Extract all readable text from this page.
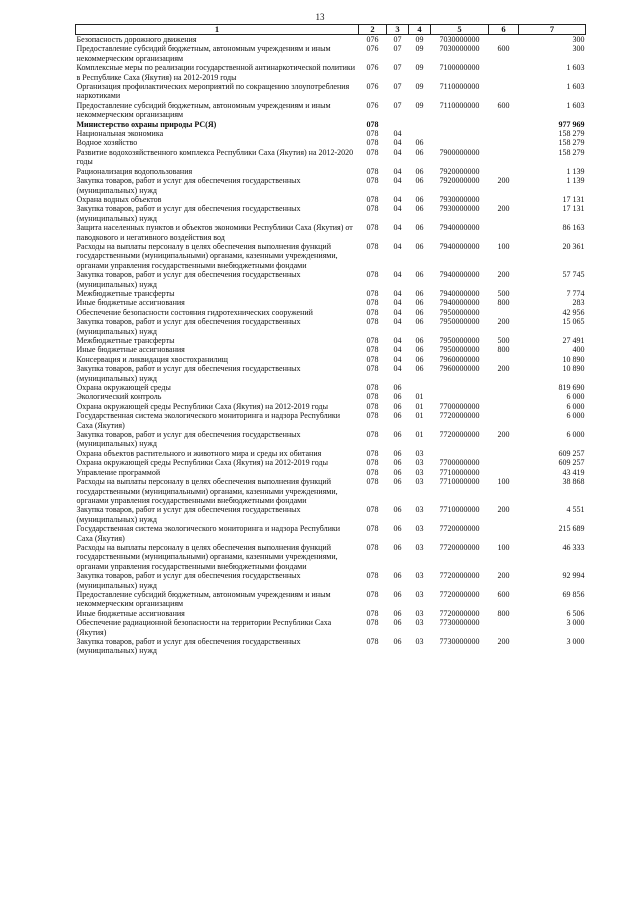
13
1	2	3	4	5	6	7
Безопасность дорожного движения	076	07	09	7030000000		300
Предоставление субсидий бюджетным, автономным учреждениям и иным некоммерческим организациям	076	07	09	7030000000	600	300
Комплексные меры по реализации государственной антинаркотической политики в Республике Саха (Якутия) на 2012-2019 годы	076	07	09	7100000000		1 603
Организация профилактических мероприятий по сокращению злоупотребления наркотиками	076	07	09	7110000000		1 603
Предоставление субсидий бюджетным, автономным учреждениям и иным некоммерческим организациям	076	07	09	7110000000	600	1 603
Министерство охраны природы РС(Я)	078					977 969
Национальная экономика	078	04				158 279
Водное хозяйство	078	04	06			158 279
Развитие водохозяйственного комплекса Республики Саха (Якутия) на 2012-2020 годы	078	04	06	7900000000		158 279
Рационализация водопользования	078	04	06	7920000000		1 139
Закупка товаров, работ и услуг для обеспечения государственных (муниципальных) нужд	078	04	06	7920000000	200	1 139
Охрана водных объектов	078	04	06	7930000000		17 131
Закупка товаров, работ и услуг для обеспечения государственных (муниципальных) нужд	078	04	06	7930000000	200	17 131
Защита населенных пунктов и объектов экономики Республики Саха (Якутия) от паводкового и негативного воздействия вод	078	04	06	7940000000		86 163
Расходы на выплаты персоналу в целях обеспечения выполнения функций государственными (муниципальными) органами, казенными учреждениями, органами управления государственными внебюджетными фондами	078	04	06	7940000000	100	20 361
Закупка товаров, работ и услуг для обеспечения государственных (муниципальных) нужд	078	04	06	7940000000	200	57 745
Межбюджетные трансферты	078	04	06	7940000000	500	7 774
Иные бюджетные ассигнования	078	04	06	7940000000	800	283
Обеспечение безопасности состояния гидротехнических сооружений	078	04	06	7950000000		42 956
Закупка товаров, работ и услуг для обеспечения государственных (муниципальных) нужд	078	04	06	7950000000	200	15 065
Межбюджетные трансферты	078	04	06	7950000000	500	27 491
Иные бюджетные ассигнования	078	04	06	7950000000	800	400
Консервация и ликвидация хвостохранилищ	078	04	06	7960000000		10 890
Закупка товаров, работ и услуг для обеспечения государственных (муниципальных) нужд	078	04	06	7960000000	200	10 890
Охрана окружающей среды	078	06				819 690
Экологический контроль	078	06	01			6 000
Охрана окружающей среды Республики Саха (Якутия) на 2012-2019 годы	078	06	01	7700000000		6 000
Государственная система экологического мониторинга и надзора Республики Саха (Якутия)	078	06	01	7720000000		6 000
Закупка товаров, работ и услуг для обеспечения государственных (муниципальных) нужд	078	06	01	7720000000	200	6 000
Охрана объектов растительного и животного мира и среды их обитания	078	06	03			609 257
Охрана окружающей среды Республики Саха (Якутия) на 2012-2019 годы	078	06	03	7700000000		609 257
Управление программой	078	06	03	7710000000		43 419
Расходы на выплаты персоналу в целях обеспечения выполнения функций государственными (муниципальными) органами, казенными учреждениями, органами управления государственными внебюджетными фондами	078	06	03	7710000000	100	38 868
Закупка товаров, работ и услуг для обеспечения государственных (муниципальных) нужд	078	06	03	7710000000	200	4 551
Государственная система экологического мониторинга и надзора Республики Саха (Якутия)	078	06	03	7720000000		215 689
Расходы на выплаты персоналу в целях обеспечения выполнения функций государственными (муниципальными) органами, казенными учреждениями, органами управления государственными внебюджетными фондами	078	06	03	7720000000	100	46 333
Закупка товаров, работ и услуг для обеспечения государственных (муниципальных) нужд	078	06	03	7720000000	200	92 994
Предоставление субсидий бюджетным, автономным учреждениям и иным некоммерческим организациям	078	06	03	7720000000	600	69 856
Иные бюджетные ассигнования	078	06	03	7720000000	800	6 506
Обеспечение радиационной безопасности на территории Республики Саха (Якутия)	078	06	03	7730000000		3 000
Закупка товаров, работ и услуг для обеспечения государственных (муниципальных) нужд	078	06	03	7730000000	200	3 000
